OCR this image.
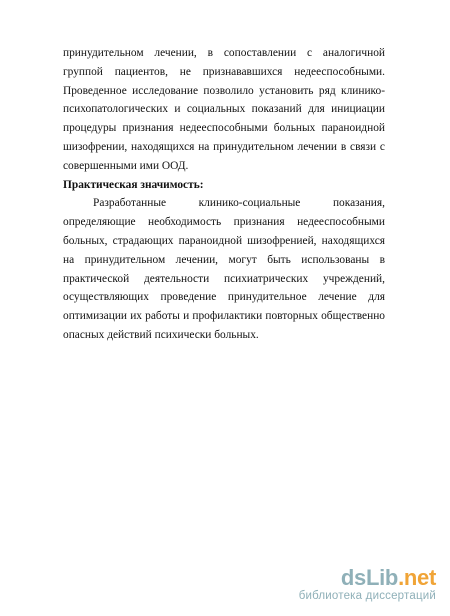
принудительном лечении, в сопоставлении с аналогичной группой пациентов, не признававшихся недееспособными. Проведенное исследование позволило установить ряд клинико-психопатологических и социальных показаний для инициации процедуры признания недееспособными больных параноидной шизофрении, находящихся на принудительном лечении в связи с совершенными ими ООД.

Практическая значимость:

Разработанные клинико-социальные показания, определяющие необходимость признания недееспособными больных, страдающих параноидной шизофренией, находящихся на принудительном лечении, могут быть использованы в практической деятельности психиатрических учреждений, осуществляющих проведение принудительное лечение для оптимизации их работы и профилактики повторных общественно опасных действий психически больных.

dsLib.net
библиотека диссертаций
